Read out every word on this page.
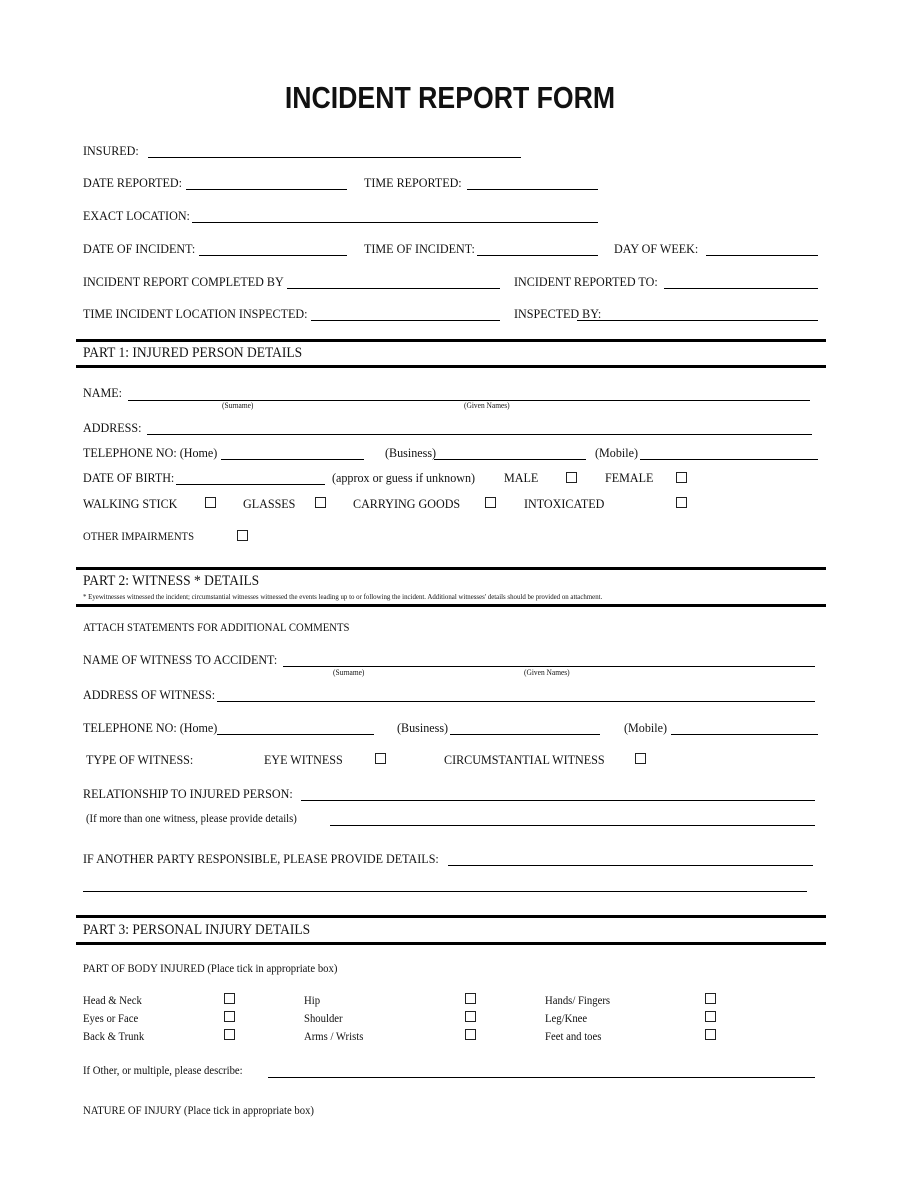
INCIDENT REPORT FORM
INSURED:
DATE REPORTED:	TIME REPORTED:
EXACT LOCATION:
DATE OF INCIDENT:	TIME OF INCIDENT:	DAY OF WEEK:
INCIDENT REPORT COMPLETED BY	INCIDENT REPORTED TO:
TIME INCIDENT LOCATION INSPECTED:	INSPECTED BY:
PART 1: INJURED PERSON DETAILS
NAME:
(Surname)	(Given Names)
ADDRESS:
TELEPHONE NO: (Home)	(Business)	(Mobile)
DATE OF BIRTH:	(approx or guess if unknown) MALE	FEMALE
WALKING STICK	GLASSES	CARRYING GOODS	INTOXICATED
OTHER IMPAIRMENTS
PART 2: WITNESS * DETAILS
* Eyewitnesses witnessed the incident; circumstantial witnesses witnessed the events leading up to or following the incident. Additional witnesses' details should be provided on attachment.
ATTACH STATEMENTS FOR ADDITIONAL COMMENTS
NAME OF WITNESS TO ACCIDENT:
(Surname)	(Given Names)
ADDRESS OF WITNESS:
TELEPHONE NO: (Home)	(Business)	(Mobile)
TYPE OF WITNESS:	EYE WITNESS	CIRCUMSTANTIAL WITNESS
RELATIONSHIP TO INJURED PERSON:
(If more than one witness, please provide details)
IF ANOTHER PARTY RESPONSIBLE, PLEASE PROVIDE DETAILS:
PART 3: PERSONAL INJURY DETAILS
PART OF BODY INJURED (Place tick in appropriate box)
Head & Neck	Hip	Hands/ Fingers
Eyes or Face	Shoulder	Leg/Knee
Back & Trunk	Arms / Wrists	Feet and toes
If Other, or multiple, please describe:
NATURE OF INJURY (Place tick in appropriate box)
